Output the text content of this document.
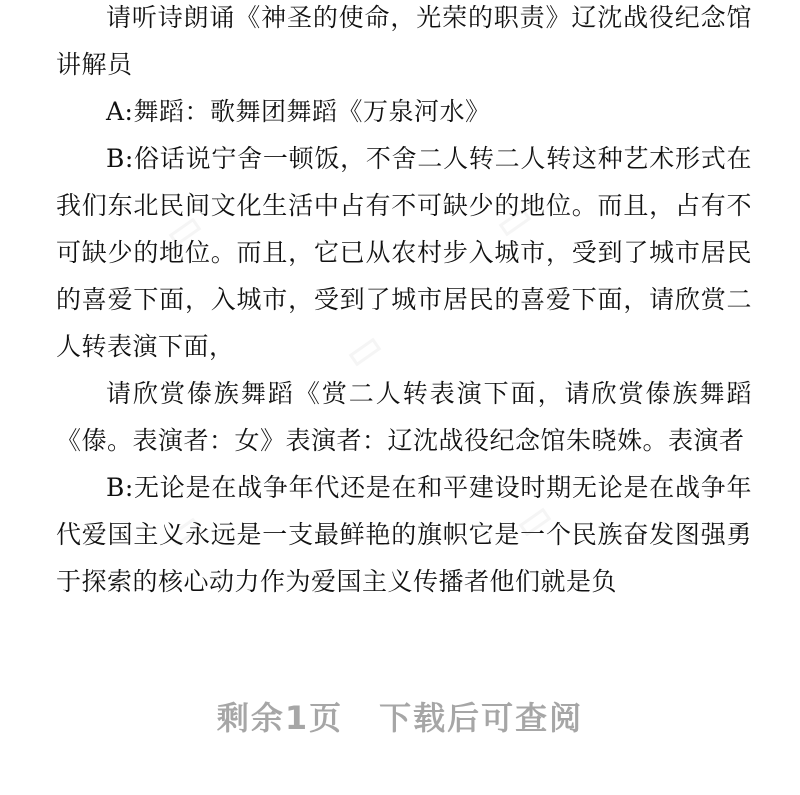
请听诗朗诵《神圣的使命，光荣的职责》辽沈战役纪念馆讲解员

A:舞蹈：歌舞团舞蹈《万泉河水》

B:俗话说宁舍一顿饭，不舍二人转二人转这种艺术形式在我们东北民间文化生活中占有不可缺少的地位。而且，占有不可缺少的地位。而且，它已从农村步入城市，受到了城市居民的喜爱下面，入城市，受到了城市居民的喜爱下面，请欣赏二人转表演下面，

请欣赏傣族舞蹈《赏二人转表演下面，请欣赏傣族舞蹈《傣。表演者：女》表演者：辽沈战役纪念馆朱晓姝。表演者

B:无论是在战争年代还是在和平建设时期无论是在战争年代爱国主义永远是一支最鲜艳的旗帜它是一个民族奋发图强勇于探索的核心动力作为爱国主义传播者他们就是负

剩余1页 下载后可查阅
